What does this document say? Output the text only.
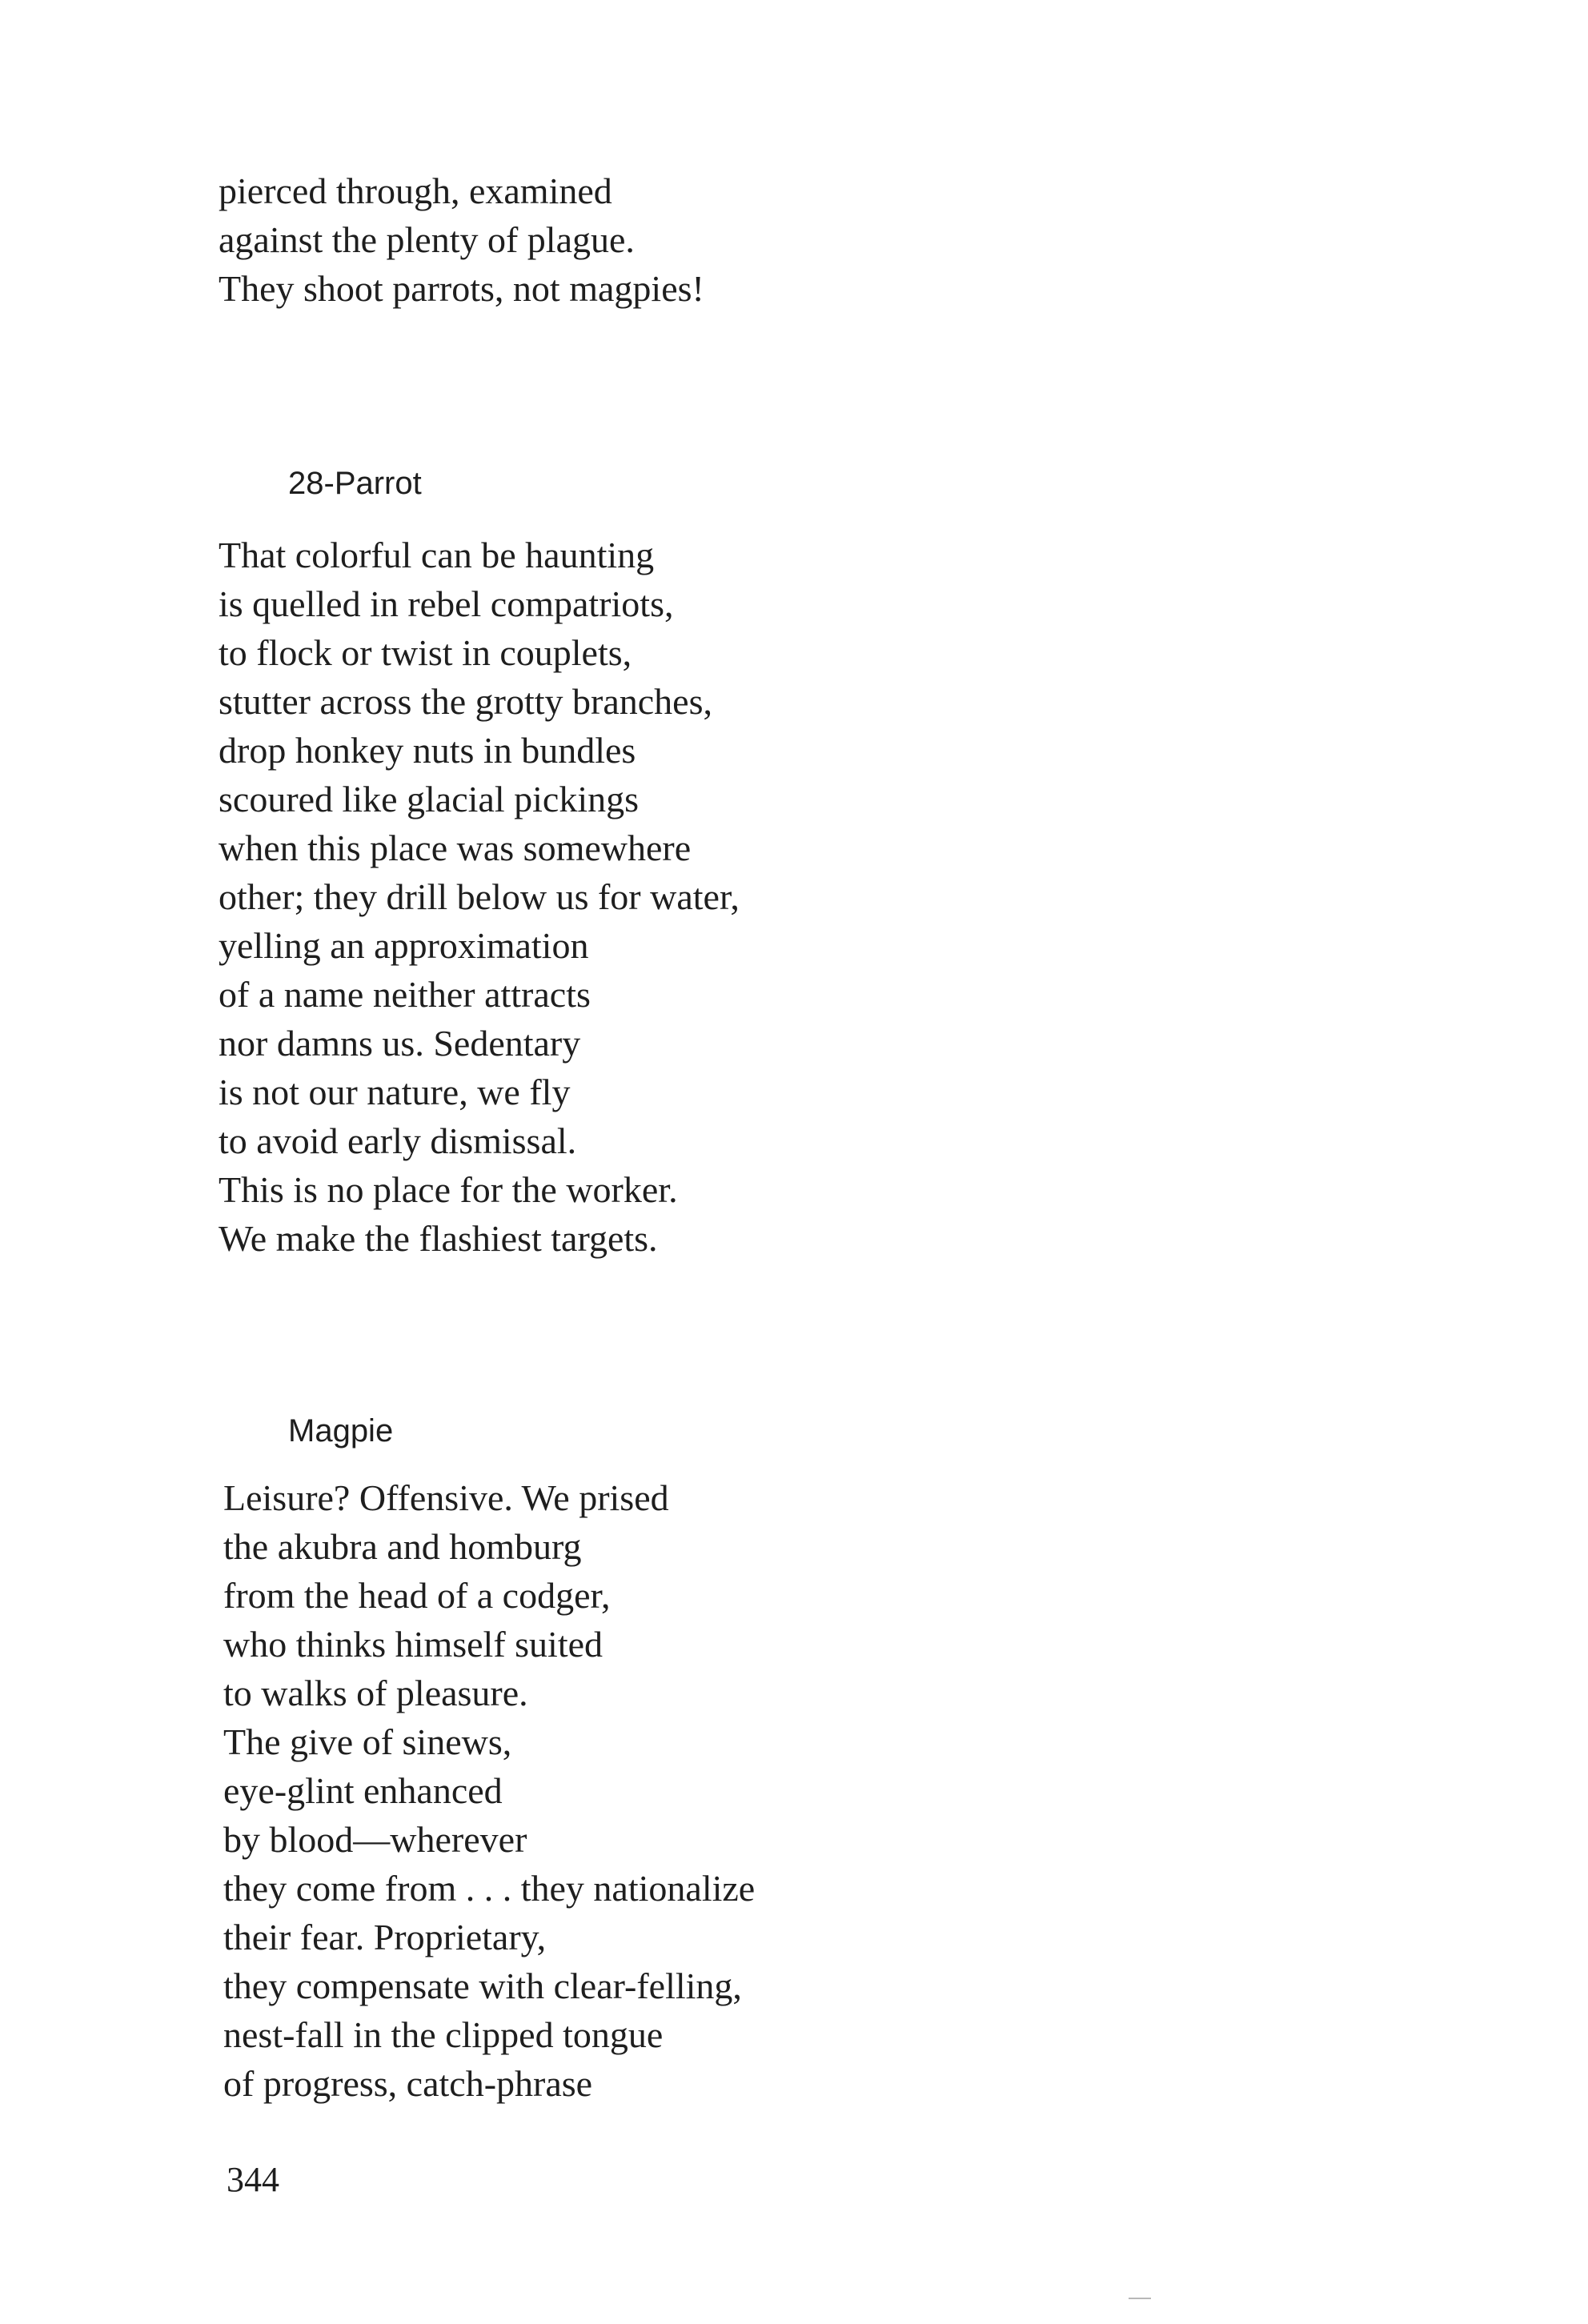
pierced through, examined
against the plenty of plague.
They shoot parrots, not magpies!
28-Parrot
That colorful can be haunting
is quelled in rebel compatriots,
to flock or twist in couplets,
stutter across the grotty branches,
drop honkey nuts in bundles
scoured like glacial pickings
when this place was somewhere
other; they drill below us for water,
yelling an approximation
of a name neither attracts
nor damns us. Sedentary
is not our nature, we fly
to avoid early dismissal.
This is no place for the worker.
We make the flashiest targets.
Magpie
Leisure? Offensive. We prised
the akubra and homburg
from the head of a codger,
who thinks himself suited
to walks of pleasure.
The give of sinews,
eye-glint enhanced
by blood—wherever
they come from . . . they nationalize
their fear. Proprietary,
they compensate with clear-felling,
nest-fall in the clipped tongue
of progress, catch-phrase

344
